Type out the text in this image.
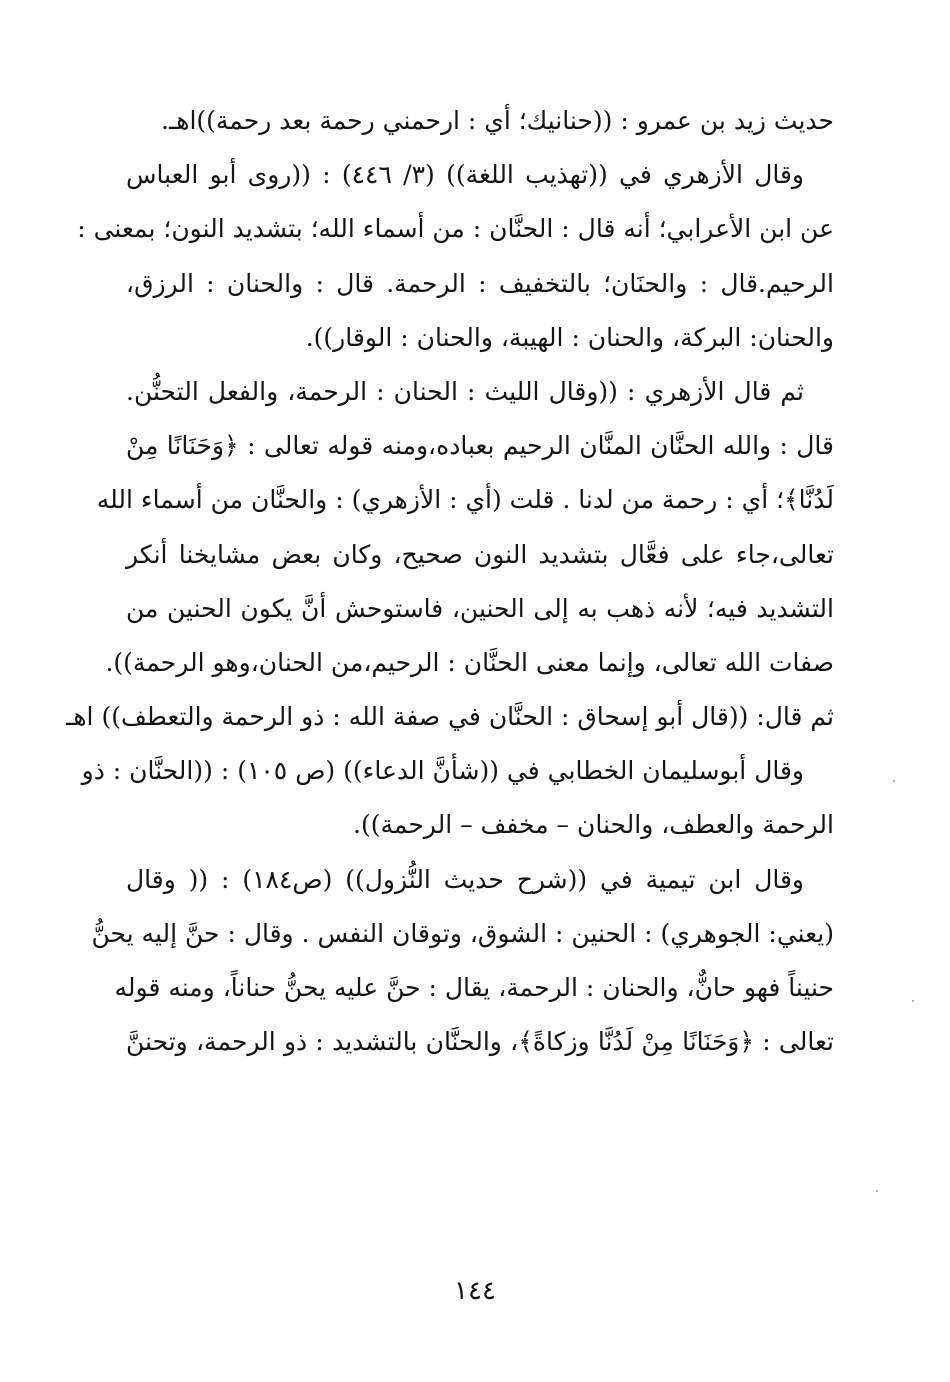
حديث زيد بن عمرو : ((حنانيك؛ أي : ارحمني رحمة بعد رحمة))اهـ.
وقال الأزهري في ((تهذيب اللغة)) (٣/ ٤٤٦) : ((روى أبو العباس
عن ابن الأعرابي؛ أنه قال : الحنَّان : من أسماء الله؛ بتشديد النون؛ بمعنى :
الرحيم.قال : والحنَان؛ بالتخفيف : الرحمة. قال : والحنان : الرزق،
والحنان: البركة، والحنان : الهيبة، والحنان : الوقار)).
ثم قال الأزهري : ((وقال الليث : الحنان : الرحمة، والفعل التحنُّن.
قال : والله الحنَّان المنَّان الرحيم بعباده،ومنه قوله تعالى : ﴿وَحَنَانًا مِنْ
لَدُنَّا﴾؛ أي : رحمة من لدنا . قلت (أي : الأزهري) : والحنَّان من أسماء الله
تعالى،جاء على فعَّال بتشديد النون صحيح، وكان بعض مشايخنا أنكر
التشديد فيه؛ لأنه ذهب به إلى الحنين، فاستوحش أنَّ يكون الحنين من
صفات الله تعالى، وإنما معنى الحنَّان : الرحيم،من الحنان،وهو الرحمة)).
ثم قال: ((قال أبو إسحاق : الحنَّان في صفة الله : ذو الرحمة والتعطف)) اهـ
وقال أبوسليمان الخطابي في ((شأنَّ الدعاء)) (ص ١٠٥) : ((الحنَّان : ذو
الرحمة والعطف، والحنان – مخفف – الرحمة)).
وقال ابن تيمية في ((شرح حديث النُّزول)) (ص١٨٤) : (( وقال
(يعني: الجوهري) : الحنين : الشوق، وتوقان النفس . وقال : حنَّ إليه يحنُّ
حنيناً فهو حانٌّ، والحنان : الرحمة، يقال : حنَّ عليه يحنُّ حناناً، ومنه قوله
تعالى : ﴿وَحَنَانًا مِنْ لَدُنَّا وزكاةً﴾، والحنَّان بالتشديد : ذو الرحمة، وتحننَّ
١٤٤
